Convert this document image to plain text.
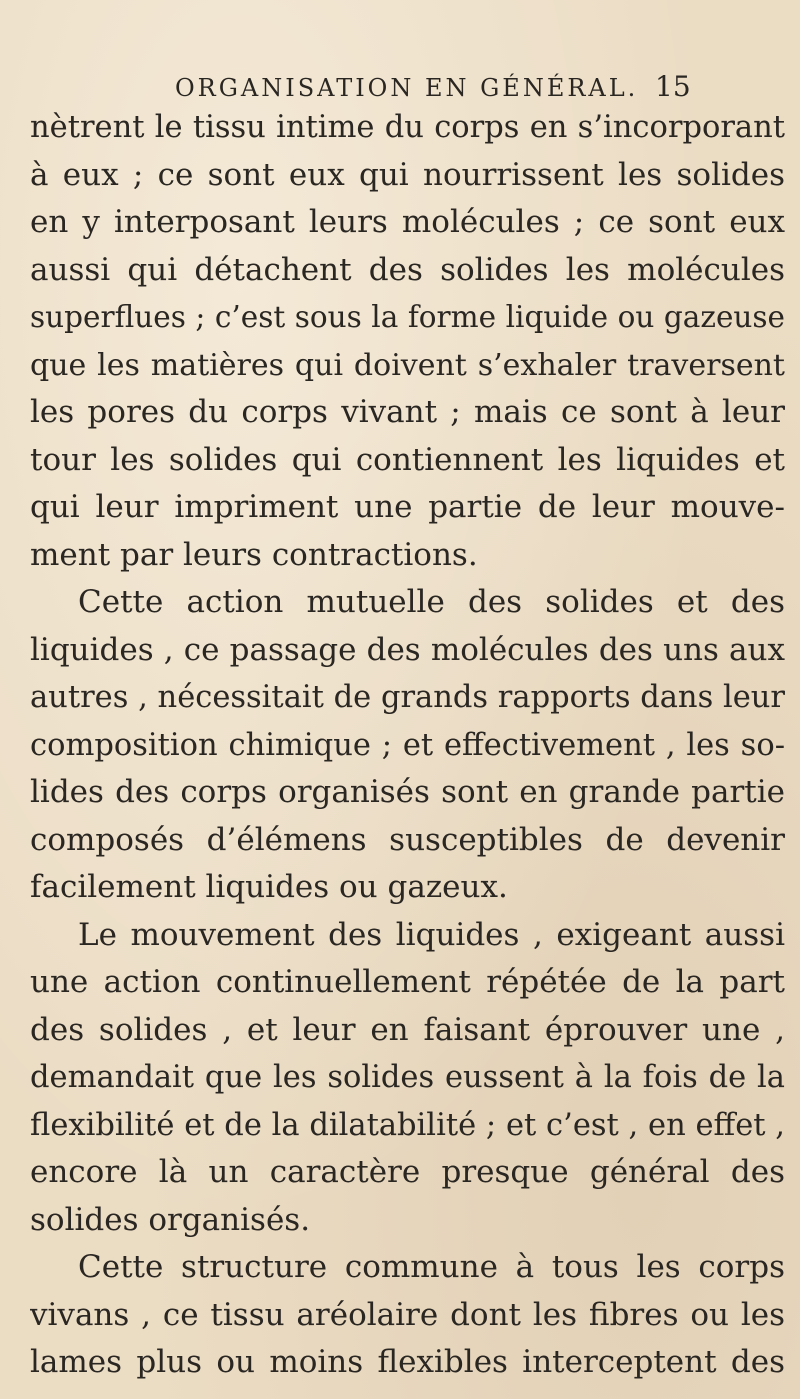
ORGANISATION EN GÉNÉRAL. 15
nètrent le tissu intime du corps en s’incorporant
à eux ; ce sont eux qui nourrissent les solides
en y interposant leurs molécules ; ce sont eux
aussi qui détachent des solides les molécules
superflues ; c’est sous la forme liquide ou gazeuse
que les matières qui doivent s’exhaler traversent
les pores du corps vivant ; mais ce sont à leur
tour les solides qui contiennent les liquides et
qui leur impriment une partie de leur mouve-
ment par leurs contractions.
Cette action mutuelle des solides et des
liquides , ce passage des molécules des uns aux
autres , nécessitait de grands rapports dans leur
composition chimique ; et effectivement , les so-
lides des corps organisés sont en grande partie
composés d’élémens susceptibles de devenir
facilement liquides ou gazeux.
Le mouvement des liquides , exigeant aussi
une action continuellement répétée de la part
des solides , et leur en faisant éprouver une ,
demandait que les solides eussent à la fois de la
flexibilité et de la dilatabilité ; et c’est , en effet ,
encore là un caractère presque général des
solides organisés.
Cette structure commune à tous les corps
vivans , ce tissu aréolaire dont les fibres ou les
lames plus ou moins flexibles interceptent des
